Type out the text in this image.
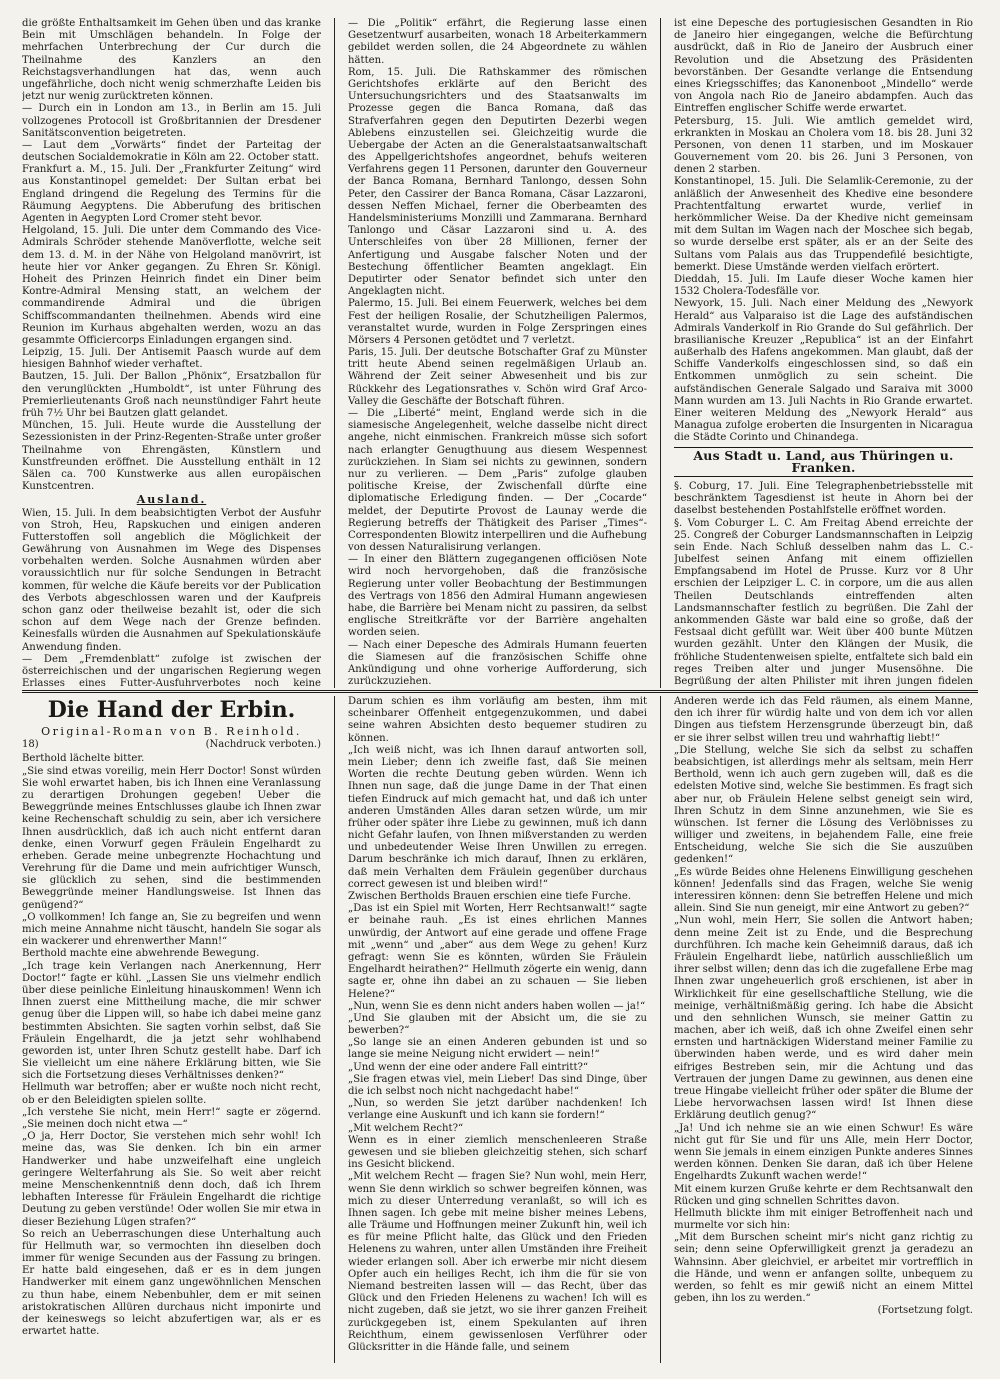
die größte Enthaltsamkeit im Gehen üben und das kranke Bein mit Umschlägen behandeln. In Folge der mehrfachen Unterbrechung der Cur durch die Theilnahme des Kanzlers an den Reichstagsverhandlungen hat das, wenn auch ungefährliche, doch nicht wenig schmerzhafte Leiden bis jetzt nur wenig zurücktreten können.

— Durch ein in London am 13., in Berlin am 15. Juli vollzogenes Protocoll ist Großbritannien der Dresdener Sanitätsconvention beigetreten.

— Laut dem „Vorwärts“ findet der Parteitag der deutschen Socialdemokratie in Köln am 22. October statt.

Frankfurt a. M., 15. Juli. Der „Frankfurter Zeitung“ wird aus Konstantinopel gemeldet: Der Sultan erbat bei England dringend die Regelung des Termins für die Räumung Aegyptens. Die Abberufung des britischen Agenten in Aegypten Lord Cromer steht bevor.

Helgoland, 15. Juli. Die unter dem Commando des Vice-Admirals Schröder stehende Manöverflotte, welche seit dem 13. d. M. in der Nähe von Helgoland manövrirt, ist heute hier vor Anker gegangen. Zu Ehren Sr. Königl. Hoheit des Prinzen Heinrich findet ein Diner beim Kontre-Admiral Mensing statt, an welchem der commandirende Admiral und die übrigen Schiffscommandanten theilnehmen. Abends wird eine Reunion im Kurhaus abgehalten werden, wozu an das gesammte Officiercorps Einladungen ergangen sind.

Leipzig, 15. Juli. Der Antisemit Paasch wurde auf dem hiesigen Bahnhof wieder verhaftet.

Bautzen, 15. Juli. Der Ballon „Phönix“, Ersatzballon für den verunglückten „Humboldt“, ist unter Führung des Premierlieutenants Groß nach neunstündiger Fahrt heute früh 7½ Uhr bei Bautzen glatt gelandet.

München, 15. Juli. Heute wurde die Ausstellung der Sezessionisten in der Prinz-Regenten-Straße unter großer Theilnahme von Ehrengästen, Künstlern und Kunstfreunden eröffnet. Die Ausstellung enthält in 12 Sälen ca. 700 Kunstwerke aus allen europäischen Kunstcentren.

Ausland.

Wien, 15. Juli. In dem beabsichtigten Verbot der Ausfuhr von Stroh, Heu, Rapskuchen und einigen anderen Futterstoffen soll angeblich die Möglichkeit der Gewährung von Ausnahmen im Wege des Dispenses vorbehalten werden. Solche Ausnahmen würden aber voraussichtlich nur für solche Sendungen in Betracht kommen, für welche die Käufe bereits vor der Publication des Verbots abgeschlossen waren und der Kaufpreis schon ganz oder theilweise bezahlt ist, oder die sich schon auf dem Wege nach der Grenze befinden. Keinesfalls würden die Ausnahmen auf Spekulationskäufe Anwendung finden.

— Dem „Fremdenblatt“ zufolge ist zwischen der österreichischen und der ungarischen Regierung wegen Erlasses eines Futter-Ausfuhrverbotes noch keine

— Die „Politik“ erfährt, die Regierung lasse einen Gesetzentwurf ausarbeiten, wonach 18 Arbeiterkammern gebildet werden sollen, die 24 Abgeordnete zu wählen hätten.

Rom, 15. Juli. Die Rathskammer des römischen Gerichtshofes erklärte auf den Bericht des Untersuchungsrichters und des Staatsanwalts im Prozesse gegen die Banca Romana, daß das Strafverfahren gegen den Deputirten Dezerbi wegen Ablebens einzustellen sei. Gleichzeitig wurde die Uebergabe der Acten an die Generalstaatsanwaltschaft des Appellgerichtshofes angeordnet, behufs weiteren Verfahrens gegen 11 Personen, darunter den Gouverneur der Banca Romana, Bernhard Tanlongo, dessen Sohn Peter, den Cassirer der Banca Romana, Cäsar Lazzaroni, dessen Neffen Michael, ferner die Oberbeamten des Handelsministeriums Monzilli und Zammarana. Bernhard Tanlongo und Cäsar Lazzaroni sind u. A. des Unterschleifes von über 28 Millionen, ferner der Anfertigung und Ausgabe falscher Noten und der Bestechung öffentlicher Beamten angeklagt. Ein Deputirter oder Senator befindet sich unter den Angeklagten nicht.

Palermo, 15. Juli. Bei einem Feuerwerk, welches bei dem Fest der heiligen Rosalie, der Schutzheiligen Palermos, veranstaltet wurde, wurden in Folge Zerspringen eines Mörsers 4 Personen getödtet und 7 verletzt.

Paris, 15. Juli. Der deutsche Botschafter Graf zu Münster tritt heute Abend seinen regelmäßigen Urlaub an. Während der Zeit seiner Abwesenheit und bis zur Rückkehr des Legationsrathes v. Schön wird Graf Arco-Valley die Geschäfte der Botschaft führen.

— Die „Liberté“ meint, England werde sich in die siamesische Angelegenheit, welche dasselbe nicht direct angehe, nicht einmischen. Frankreich müsse sich sofort nach erlangter Genugthuung aus diesem Wespennest zurückziehen. In Siam sei nichts zu gewinnen, sondern nur zu verlieren. — Dem „Paris“ zufolge glauben politische Kreise, der Zwischenfall dürfte eine diplomatische Erledigung finden. — Der „Cocarde“ meldet, der Deputirte Provost de Launay werde die Regierung betreffs der Thätigkeit des Pariser „Times“-Correspondenten Blowitz interpelliren und die Aufhebung von dessen Naturalisirung verlangen.

— In einer den Blättern zugegangenen officiösen Note wird noch hervorgehoben, daß die französische Regierung unter voller Beobachtung der Bestimmungen des Vertrags von 1856 den Admiral Humann angewiesen habe, die Barrière bei Menam nicht zu passiren, da selbst englische Streitkräfte vor der Barrière angehalten worden seien.

— Nach einer Depesche des Admirals Humann feuerten die Siamesen auf die französischen Schiffe ohne Ankündigung und ohne vorherige Aufforderung, sich zurückzuziehen.

ist eine Depesche des portugiesischen Gesandten in Rio de Janeiro hier eingegangen, welche die Befürchtung ausdrückt, daß in Rio de Janeiro der Ausbruch einer Revolution und die Absetzung des Präsidenten bevorstänben. Der Gesandte verlange die Entsendung eines Kriegsschiffes; das Kanonenboot „Mindello“ werde von Angola nach Rio de Janeiro abdampfen. Auch das Eintreffen englischer Schiffe werde erwartet.

Petersburg, 15. Juli. Wie amtlich gemeldet wird, erkrankten in Moskau an Cholera vom 18. bis 28. Juni 32 Personen, von denen 11 starben, und im Moskauer Gouvernement vom 20. bis 26. Juni 3 Personen, von denen 2 starben.

Konstantinopel, 15. Juli. Die Selamlik-Ceremonie, zu der anläßlich der Anwesenheit des Khedive eine besondere Prachtentfaltung erwartet wurde, verlief in herkömmlicher Weise. Da der Khedive nicht gemeinsam mit dem Sultan im Wagen nach der Moschee sich begab, so wurde derselbe erst später, als er an der Seite des Sultans vom Palais aus das Truppendefilé besichtigte, bemerkt. Diese Umstände werden vielfach erörtert.

Dieddah, 15. Juli. Im Laufe dieser Woche kamen hier 1532 Cholera-Todesfälle vor.

Newyork, 15. Juli. Nach einer Meldung des „Newyork Herald“ aus Valparaiso ist die Lage des aufständischen Admirals Vanderkolf in Rio Grande do Sul gefährlich. Der brasilianische Kreuzer „Republica“ ist an der Einfahrt außerhalb des Hafens angekommen. Man glaubt, daß der Schiffe Vanderkolfs eingeschlossen sind, so daß ein Entkommen unmöglich zu sein scheint. Die aufständischen Generale Salgado und Saraiva mit 3000 Mann wurden am 13. Juli Nachts in Rio Grande erwartet. Einer weiteren Meldung des „Newyork Herald“ aus Managua zufolge eroberten die Insurgenten in Nicaragua die Städte Corinto und Chinandega.

Aus Stadt u. Land, aus Thüringen u. Franken.

§. Coburg, 17. Juli. Eine Telegraphenbetriebsstelle mit beschränktem Tagesdienst ist heute in Ahorn bei der daselbst bestehenden Postahlfstelle eröffnet worden.

§. Vom Coburger L. C. Am Freitag Abend erreichte der 25. Congreß der Coburger Landsmannschaften in Leipzig sein Ende. Nach Schluß desselben nahm das L. C.-Jubelfest seinen Anfang mit einem offiziellen Empfangsabend im Hotel de Prusse. Kurz vor 8 Uhr erschien der Leipziger L. C. in corpore, um die aus allen Theilen Deutschlands eintreffenden alten Landsmannschafter festlich zu begrüßen. Die Zahl der ankommenden Gäste war bald eine so große, daß der Festsaal dicht gefüllt war. Weit über 400 bunte Mützen wurden gezählt. Unter den Klängen der Musik, die fröhliche Studentenweisen spielte, entfaltete sich bald ein reges Treiben alter und junger Musensöhne. Die Begrüßung der alten Philister mit ihren jungen fidelen

Die Hand der Erbin.
Original-Roman von B. Reinhold.
18)	(Nachdruck verboten.)

Berthold lächelte bitter.

„Sie sind etwas voreilig, mein Herr Doctor! Sonst würden Sie wohl erwartet haben, bis ich Ihnen eine Veranlassung zu derartigen Drohungen gegeben! Ueber die Beweggründe meines Entschlusses glaube ich Ihnen zwar keine Rechenschaft schuldig zu sein, aber ich versichere Ihnen ausdrücklich, daß ich auch nicht entfernt daran denke, einen Vorwurf gegen Fräulein Engelhardt zu erheben. Gerade meine unbegrenzte Hochachtung und Verehrung für die Dame und mein aufrichtiger Wunsch, sie glücklich zu sehen, sind die bestimmenden Beweggründe meiner Handlungsweise. Ist Ihnen das genügend?“

„O vollkommen! Ich fange an, Sie zu begreifen und wenn mich meine Annahme nicht täuscht, handeln Sie sogar als ein wackerer und ehrenwerther Mann!“

Berthold machte eine abwehrende Bewegung.

„Ich trage kein Verlangen nach Anerkennung, Herr Doctor!“ fagte er kühl. „Lassen Sie uns vielmehr endlich über diese peinliche Einleitung hinauskommen! Wenn ich Ihnen zuerst eine Mittheilung mache, die mir schwer genug über die Lippen will, so habe ich dabei meine ganz bestimmten Absichten. Sie sagten vorhin selbst, daß Sie Fräulein Engelhardt, die ja jetzt sehr wohlhabend geworden ist, unter Ihren Schutz gestellt habe. Darf ich Sie vielleicht um eine nähere Erklärung bitten, wie Sie sich die Fortsetzung dieses Verhältnisses denken?“

Hellmuth war betroffen; aber er wußte noch nicht recht, ob er den Beleidigten spielen sollte.

„Ich verstehe Sie nicht, mein Herr!“ sagte er zögernd. „Sie meinen doch nicht etwa —“

„O ja, Herr Doctor, Sie verstehen mich sehr wohl! Ich meine das, was Sie denken. Ich bin ein armer Handwerker und habe unzweifelhaft eine ungleich geringere Welterfahrung als Sie. So weit aber reicht meine Menschenkenntniß denn doch, daß ich Ihrem lebhaften Interesse für Fräulein Engelhardt die richtige Deutung zu geben verstünde! Oder wollen Sie mir etwa in dieser Beziehung Lügen strafen?“

So reich an Ueberraschungen diese Unterhaltung auch für Hellmuth war, so vermochten ihn dieselben doch immer für wenige Secunden aus der Fassung zu bringen. Er hatte bald eingesehen, daß er es in dem jungen Handwerker mit einem ganz ungewöhnlichen Menschen zu thun habe, einem Nebenbuhler, dem er mit seinen aristokratischen Allüren durchaus nicht imponirte und der keineswegs so leicht abzufertigen war, als er es erwartet hatte.

Darum schien es ihm vorläufig am besten, ihm mit scheinbarer Offenheit entgegenzukommen, und dabei seine wahren Absichten desto bequemer studiren zu können.

„Ich weiß nicht, was ich Ihnen darauf antworten soll, mein Lieber; denn ich zweifle fast, daß Sie meinen Worten die rechte Deutung geben würden. Wenn ich Ihnen nun sage, daß die junge Dame in der That einen tiefen Eindruck auf mich gemacht hat, und daß ich unter anderen Umständen Alles daran setzen würde, um mir früher oder später ihre Liebe zu gewinnen, muß ich dann nicht Gefahr laufen, von Ihnen mißverstanden zu werden und unbedeutender Weise Ihren Unwillen zu erregen. Darum beschränke ich mich darauf, Ihnen zu erklären, daß mein Verhalten dem Fräulein gegenüber durchaus correct gewesen ist und bleiben wird!“

Zwischen Bertholds Brauen erschien eine tiefe Furche.

„Das ist ein Spiel mit Worten, Herr Rechtsanwalt!“ sagte er beinahe rauh. „Es ist eines ehrlichen Mannes unwürdig, der Antwort auf eine gerade und offene Frage mit „wenn“ und „aber“ aus dem Wege zu gehen! Kurz gefragt: wenn Sie es könnten, würden Sie Fräulein Engelhardt heirathen?“ Hellmuth zögerte ein wenig, dann sagte er, ohne ihn dabei an zu schauen — Sie lieben Helene?“

„Nun, wenn Sie es denn nicht anders haben wollen — ja!“

„Und Sie glauben mit der Absicht um, die sie zu bewerben?“

„So lange sie an einen Anderen gebunden ist und so lange sie meine Neigung nicht erwidert — nein!“

„Und wenn der eine oder andere Fall eintritt?“

„Sie fragen etwas viel, mein Lieber! Das sind Dinge, über die ich selbst noch nicht nachgedacht habe!“

„Nun, so werden Sie jetzt darüber nachdenken! Ich verlange eine Auskunft und ich kann sie fordern!“

„Mit welchem Recht?“

Wenn es in einer ziemlich menschenleeren Straße gewesen und sie blieben gleichzeitig stehen, sich scharf ins Gesicht blickend.

„Mit welchem Recht — fragen Sie? Nun wohl, mein Herr, wenn Sie denn wirklich so schwer begreifen können, was mich zu dieser Unterredung veranlaßt, so will ich es Ihnen sagen. Ich gebe mit meine bisher meines Lebens, alle Träume und Hoffnungen meiner Zukunft hin, weil ich es für meine Pflicht halte, das Glück und den Frieden Helenens zu wahren, unter allen Umständen ihre Freiheit wieder erlangen soll. Aber ich erwerbe mir nicht diesem Opfer auch ein heiliges Recht, ich ihm die für sie von Niemand bestreiten lassen will — das Recht, über das Glück und den Frieden Helenens zu wachen! Ich will es nicht zugeben, daß sie jetzt, wo sie ihrer ganzen Freiheit zurückgegeben ist, einem Spekulanten auf ihren Reichthum, einem gewissenlosen Verführer oder Glücksritter in die Hände falle, und seinem

Anderen werde ich das Feld räumen, als einem Manne, den ich ihrer für würdig halte und von dem ich vor allen Dingen aus tiefstem Herzensgrunde überzeugt bin, daß er sie ihrer selbst willen treu und wahrhaftig liebt!“

„Die Stellung, welche Sie sich da selbst zu schaffen beabsichtigen, ist allerdings mehr als seltsam, mein Herr Berthold, wenn ich auch gern zugeben will, daß es die edelsten Motive sind, welche Sie bestimmen. Es fragt sich aber nur, ob Fräulein Helene selbst geneigt sein wird, Ihren Schutz in dem Sinne anzunehmen, wie Sie es wünschen. Ist ferner die Lösung des Verlöbnisses zu williger und zweitens, in bejahendem Falle, eine freie Entscheidung, welche Sie sich die Sie auszuüben gedenken!“

„Es würde Beides ohne Helenens Einwilligung geschehen können! Jedenfalls sind das Fragen, welche Sie wenig interessiren können: denn Sie betreffen Helene und mich allein. Sind Sie nun geneigt, mir eine Antwort zu geben?“

„Nun wohl, mein Herr, Sie sollen die Antwort haben; denn meine Zeit ist zu Ende, und die Besprechung durchführen. Ich mache kein Geheimniß daraus, daß ich Fräulein Engelhardt liebe, natürlich ausschließlich um ihrer selbst willen; denn das ich die zugefallene Erbe mag Ihnen zwar ungeheuerlich groß erschienen, ist aber in Wirklichkeit für eine gesellschaftliche Stellung, wie die meinige, verhältnißmäßig gering. Ich habe die Absicht und den sehnlichen Wunsch, sie meiner Gattin zu machen, aber ich weiß, daß ich ohne Zweifel einen sehr ernsten und hartnäckigen Widerstand meiner Familie zu überwinden haben werde, und es wird daher mein eifriges Bestreben sein, mir die Achtung und das Vertrauen der jungen Dame zu gewinnen, aus denen eine treue Hingabe vielleicht früher oder später die Blume der Liebe hervorwachsen lassen wird! Ist Ihnen diese Erklärung deutlich genug?“

„Ja! Und ich nehme sie an wie einen Schwur! Es wäre nicht gut für Sie und für uns Alle, mein Herr Doctor, wenn Sie jemals in einem einzigen Punkte anderes Sinnes werden können. Denken Sie daran, daß ich über Helene Engelhardts Zukunft wachen werde!“

Mit einem kurzen Gruße kehrte er dem Rechtsanwalt den Rücken und ging schnellen Schrittes davon.

Hellmuth blickte ihm mit einiger Betroffenheit nach und murmelte vor sich hin:

„Mit dem Burschen scheint mir's nicht ganz richtig zu sein; denn seine Opferwilligkeit grenzt ja geradezu an Wahnsinn. Aber gleichviel, er arbeitet mir vortrefflich in die Hände, und wenn er anfangen sollte, unbequem zu werden, so fehlt es mir gewiß nicht an einem Mittel geben, ihn los zu werden.“

(Fortsetzung folgt.
